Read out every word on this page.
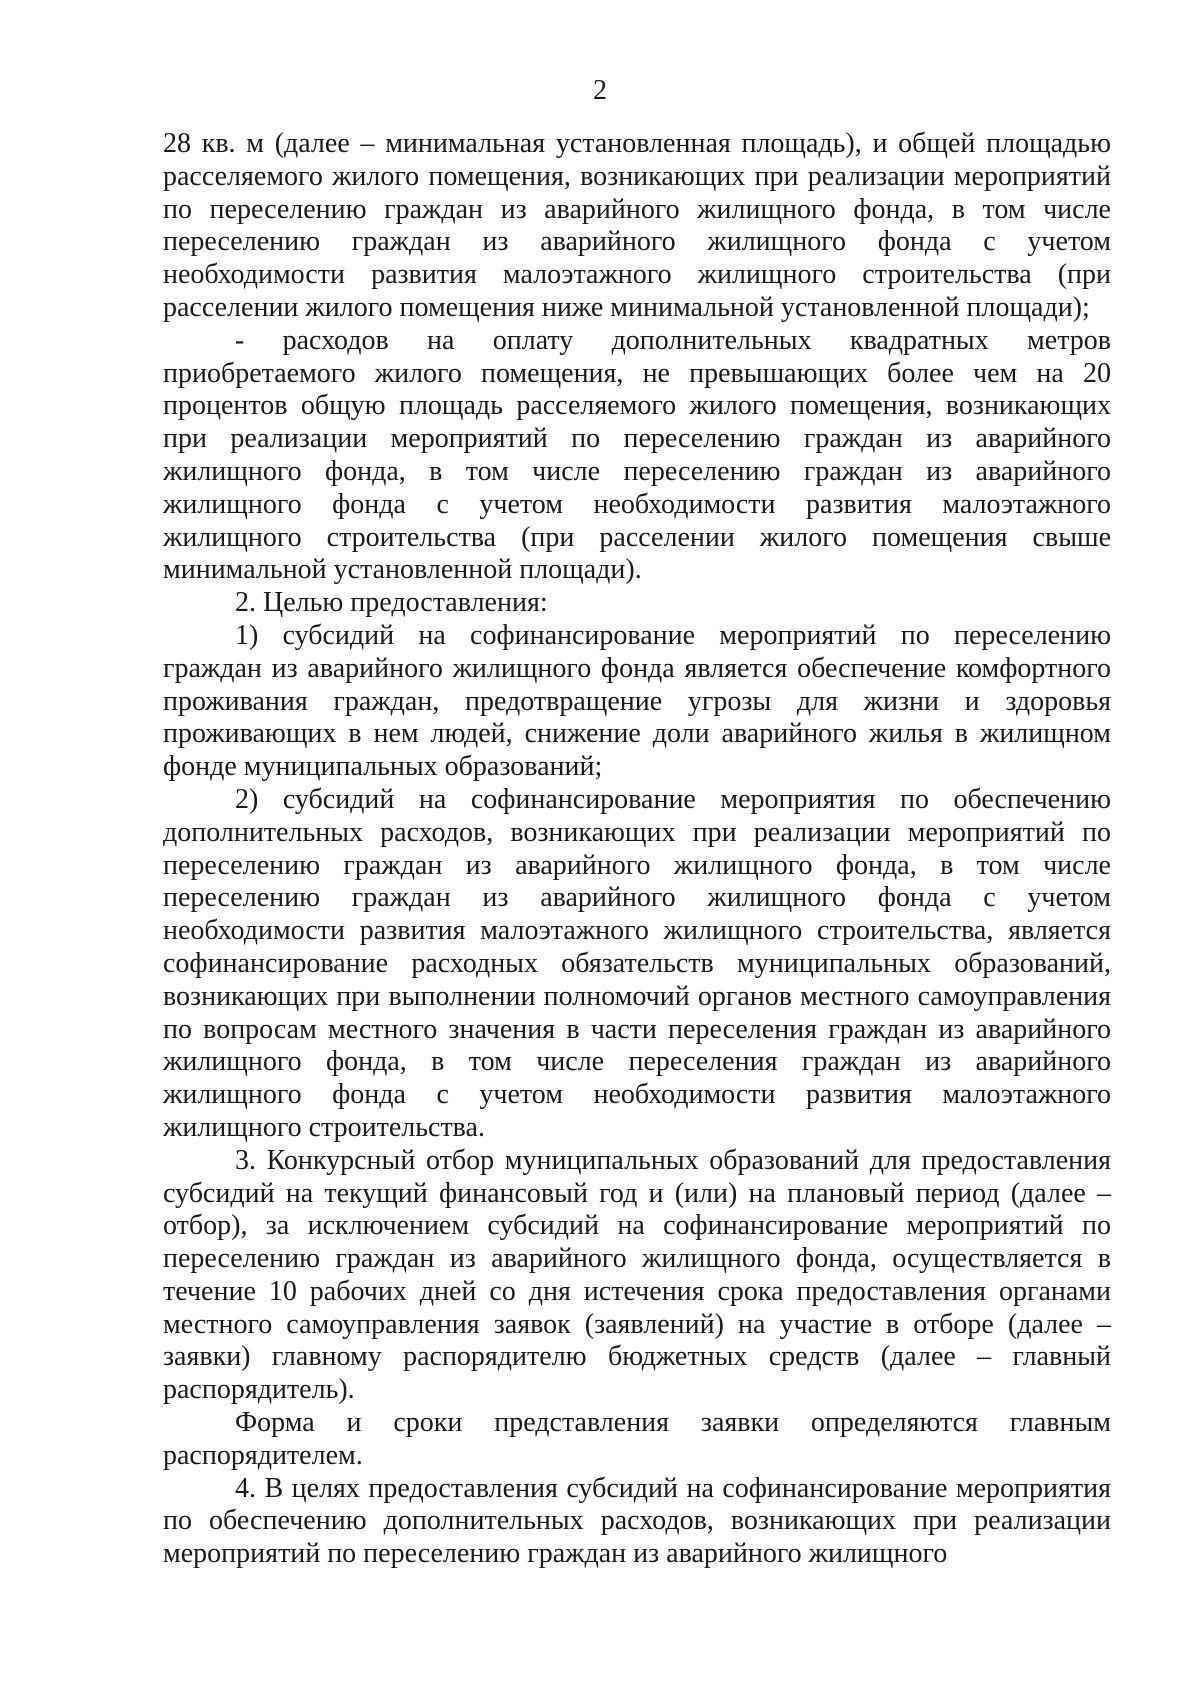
2

28 кв. м (далее – минимальная установленная площадь), и общей площадью расселяемого жилого помещения, возникающих при реализации мероприятий по переселению граждан из аварийного жилищного фонда, в том числе переселению граждан из аварийного жилищного фонда с учетом необходимости развития малоэтажного жилищного строительства (при расселении жилого помещения ниже минимальной установленной площади);

- расходов на оплату дополнительных квадратных метров приобретаемого жилого помещения, не превышающих более чем на 20 процентов общую площадь расселяемого жилого помещения, возникающих при реализации мероприятий по переселению граждан из аварийного жилищного фонда, в том числе переселению граждан из аварийного жилищного фонда с учетом необходимости развития малоэтажного жилищного строительства (при расселении жилого помещения свыше минимальной установленной площади).

2. Целью предоставления:

1) субсидий на софинансирование мероприятий по переселению граждан из аварийного жилищного фонда является обеспечение комфортного проживания граждан, предотвращение угрозы для жизни и здоровья проживающих в нем людей, снижение доли аварийного жилья в жилищном фонде муниципальных образований;

2) субсидий на софинансирование мероприятия по обеспечению дополнительных расходов, возникающих при реализации мероприятий по переселению граждан из аварийного жилищного фонда, в том числе переселению граждан из аварийного жилищного фонда с учетом необходимости развития малоэтажного жилищного строительства, является софинансирование расходных обязательств муниципальных образований, возникающих при выполнении полномочий органов местного самоуправления по вопросам местного значения в части переселения граждан из аварийного жилищного фонда, в том числе переселения граждан из аварийного жилищного фонда с учетом необходимости развития малоэтажного жилищного строительства.

3. Конкурсный отбор муниципальных образований для предоставления субсидий на текущий финансовый год и (или) на плановый период (далее –отбор), за исключением субсидий на софинансирование мероприятий по переселению граждан из аварийного жилищного фонда, осуществляется в течение 10 рабочих дней со дня истечения срока предоставления органами местного самоуправления заявок (заявлений) на участие в отборе (далее – заявки) главному распорядителю бюджетных средств (далее – главный распорядитель).

Форма и сроки представления заявки определяются главным распорядителем.

4. В целях предоставления субсидий на софинансирование мероприятия по обеспечению дополнительных расходов, возникающих при реализации мероприятий по переселению граждан из аварийного жилищного
